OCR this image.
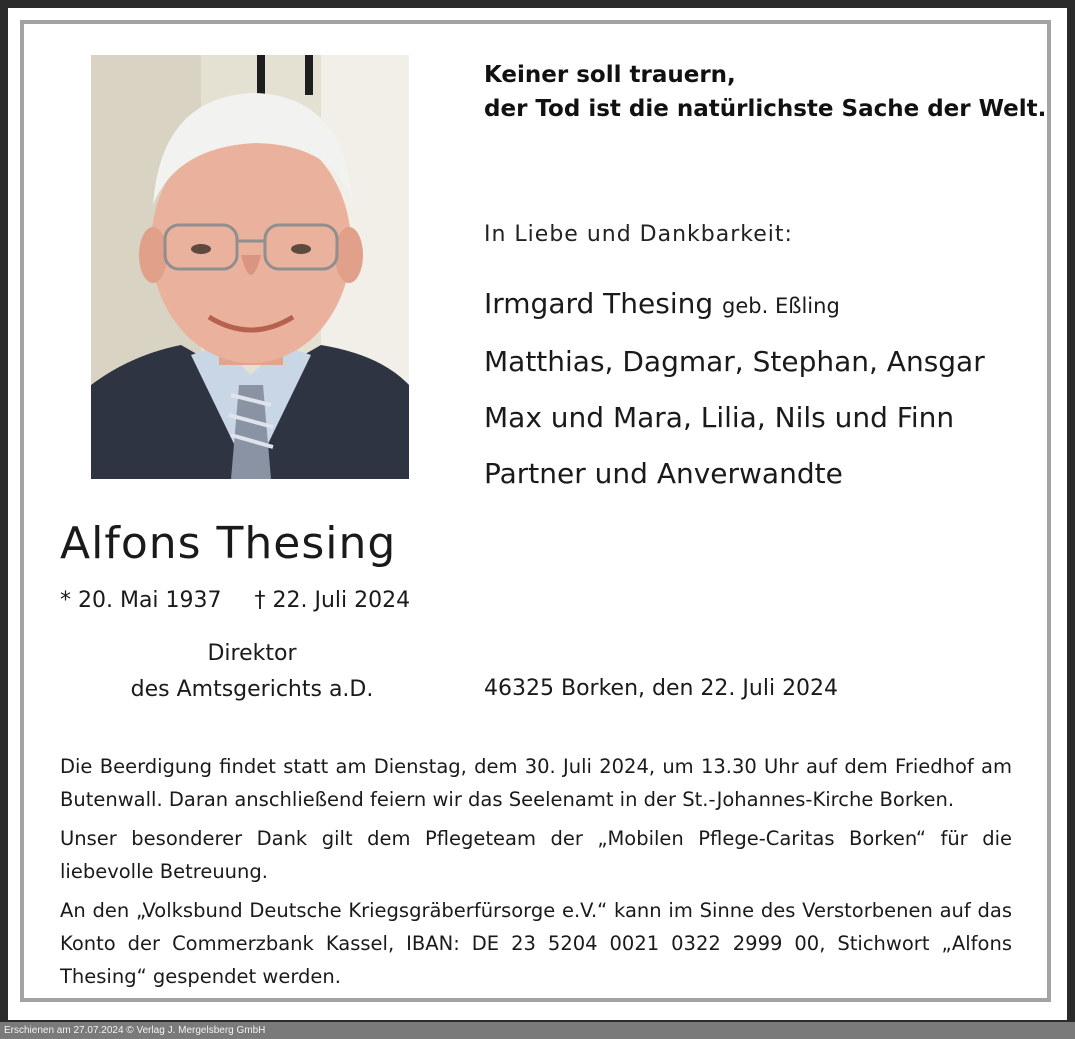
Keiner soll trauern,
der Tod ist die natürlichste Sache der Welt.
In Liebe und Dankbarkeit:
Irmgard Thesing geb. Eßling
Matthias, Dagmar, Stephan, Ansgar
Max und Mara, Lilia, Nils und Finn
Partner und Anverwandte
Alfons Thesing
* 20. Mai 1937 † 22. Juli 2024
Direktor
des Amtsgerichts a.D.	46325 Borken, den 22. Juli 2024

Die Beerdigung findet statt am Dienstag, dem 30. Juli 2024, um 13.30 Uhr auf dem Friedhof am Butenwall. Daran anschließend feiern wir das Seelenamt in der St.-Johannes-Kirche Borken.

Unser besonderer Dank gilt dem Pflegeteam der „Mobilen Pflege-Caritas Borken“ für die liebevolle Betreuung.

An den „Volksbund Deutsche Kriegsgräberfürsorge e.V.“ kann im Sinne des Verstorbenen auf das Konto der Commerzbank Kassel, IBAN: DE 23 5204 0021 0322 2999 00, Stichwort „Alfons Thesing“ gespendet werden.

Erschienen am 27.07.2024 © Verlag J. Mergelsberg GmbH
